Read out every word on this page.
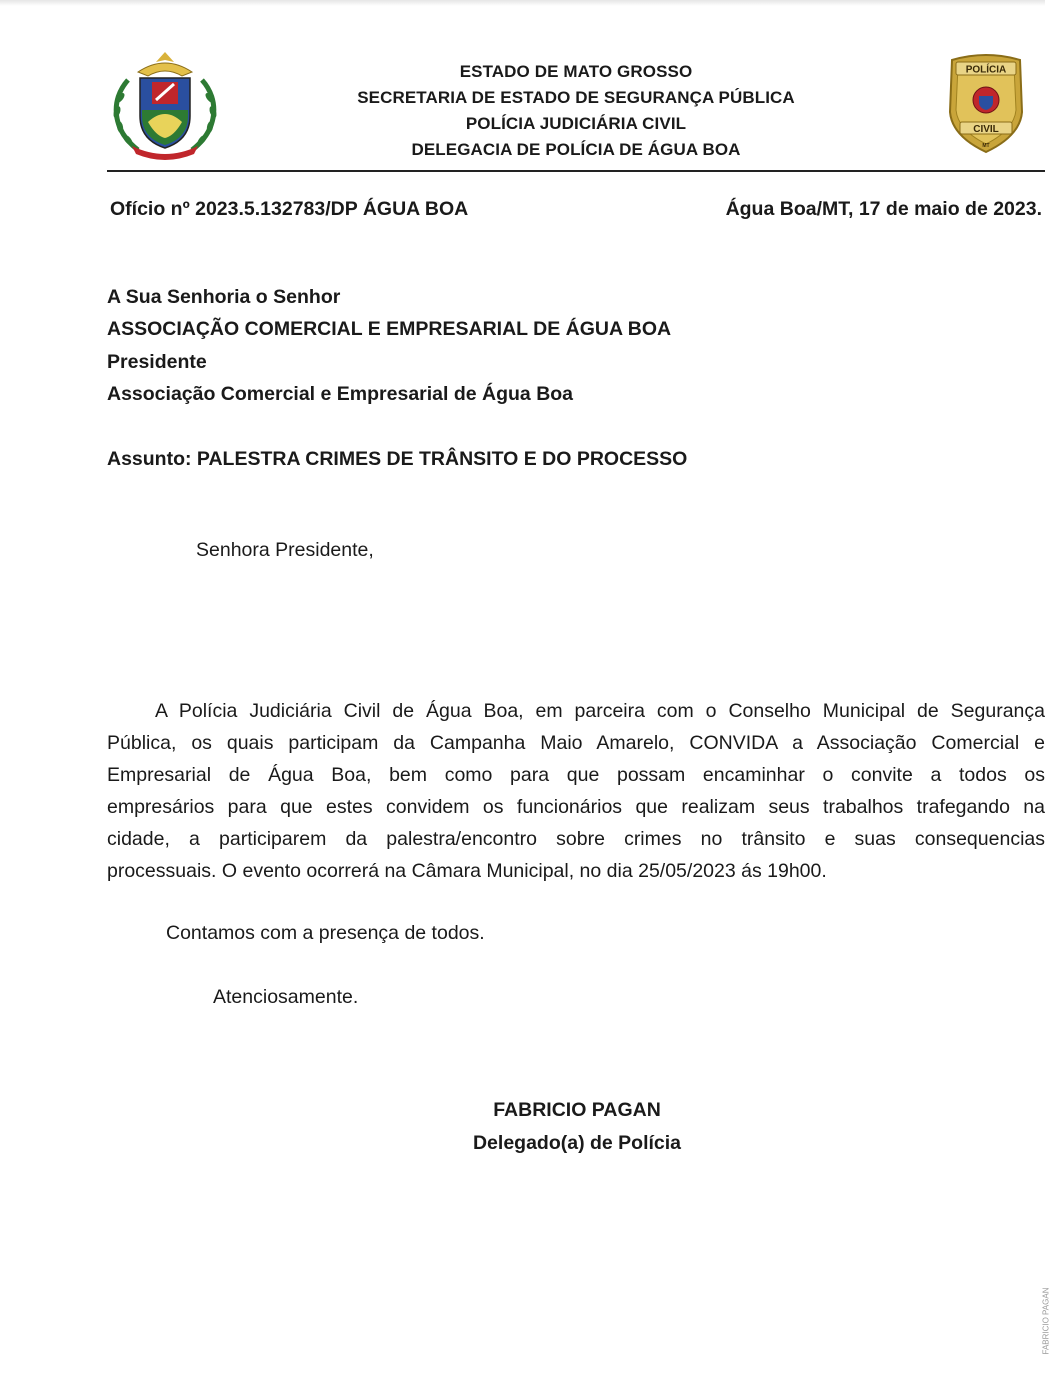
ESTADO DE MATO GROSSO
SECRETARIA DE ESTADO DE SEGURANÇA PÚBLICA
POLÍCIA JUDICIÁRIA CIVIL
DELEGACIA DE POLÍCIA DE ÁGUA BOA
POLÍCIA
CIVIL
MT
Ofício nº 2023.5.132783/DP ÁGUA BOA	Água Boa/MT, 17 de maio de 2023.
A Sua Senhoria o Senhor
ASSOCIAÇÃO COMERCIAL E EMPRESARIAL DE ÁGUA BOA
Presidente
Associação Comercial e Empresarial de Água Boa
Assunto: PALESTRA CRIMES DE TRÂNSITO E DO PROCESSO
Senhora Presidente,
A Polícia Judiciária Civil de Água Boa, em parceira com o Conselho Municipal de Segurança
Pública, os quais participam da Campanha Maio Amarelo, CONVIDA a Associação Comercial e
Empresarial de Água Boa, bem como para que possam encaminhar o convite a todos os
empresários para que estes convidem os funcionários que realizam seus trabalhos trafegando na
cidade, a participarem da palestra/encontro sobre crimes no trânsito e suas consequencias
processuais. O evento ocorrerá na Câmara Municipal, no dia 25/05/2023 ás 19h00.
Contamos com a presença de todos.
Atenciosamente.
FABRICIO PAGAN
Delegado(a) de Polícia
FABRICIO PAGAN
